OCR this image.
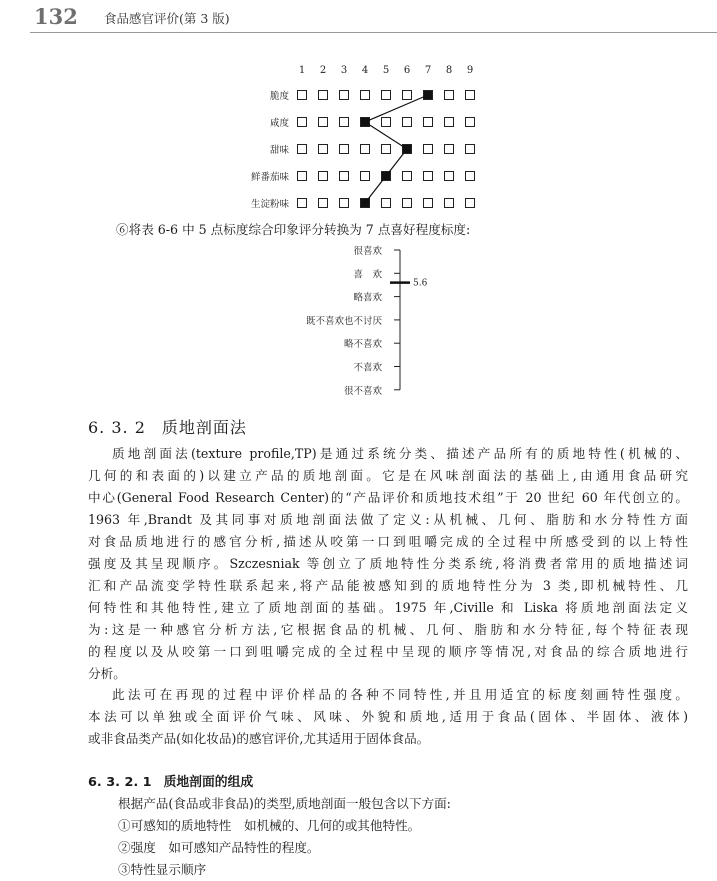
132 食品感官评价(第 3 版)
1 2 3 4 5 6 7 8 9
脆度
咸度
甜味
鲜番茄味
生淀粉味
⑥将表 6-6 中 5 点标度综合印象评分转换为 7 点喜好程度标度:
很喜欢
喜　欢
略喜欢
既不喜欢也不讨厌
略不喜欢
不喜欢
很不喜欢
5.6
6. 3. 2 质地剖面法
质地剖面法(texture profile,TP)是通过系统分类、描述产品所有的质地特性(机械的、
几何的和表面的)以建立产品的质地剖面。它是在风味剖面法的基础上,由通用食品研究
中心(General Food Research Center)的“产品评价和质地技术组”于 20 世纪 60 年代创立的。
1963 年,Brandt 及其同事对质地剖面法做了定义:从机械、几何、脂肪和水分特性方面
对食品质地进行的感官分析,描述从咬第一口到咀嚼完成的全过程中所感受到的以上特性
强度及其呈现顺序。Szczesniak 等创立了质地特性分类系统,将消费者常用的质地描述词
汇和产品流变学特性联系起来,将产品能被感知到的质地特性分为 3 类,即机械特性、几
何特性和其他特性,建立了质地剖面的基础。1975 年,Civille 和 Liska 将质地剖面法定义
为:这是一种感官分析方法,它根据食品的机械、几何、脂肪和水分特征,每个特征表现
的程度以及从咬第一口到咀嚼完成的全过程中呈现的顺序等情况,对食品的综合质地进行
分析。
此法可在再现的过程中评价样品的各种不同特性,并且用适宜的标度刻画特性强度。
本法可以单独或全面评价气味、风味、外貌和质地,适用于食品(固体、半固体、液体)
或非食品类产品(如化妆品)的感官评价,尤其适用于固体食品。
6. 3. 2. 1 质地剖面的组成
根据产品(食品或非食品)的类型,质地剖面一般包含以下方面:
①可感知的质地特性　如机械的、几何的或其他特性。
②强度　如可感知产品特性的程度。
③特性显示顺序
